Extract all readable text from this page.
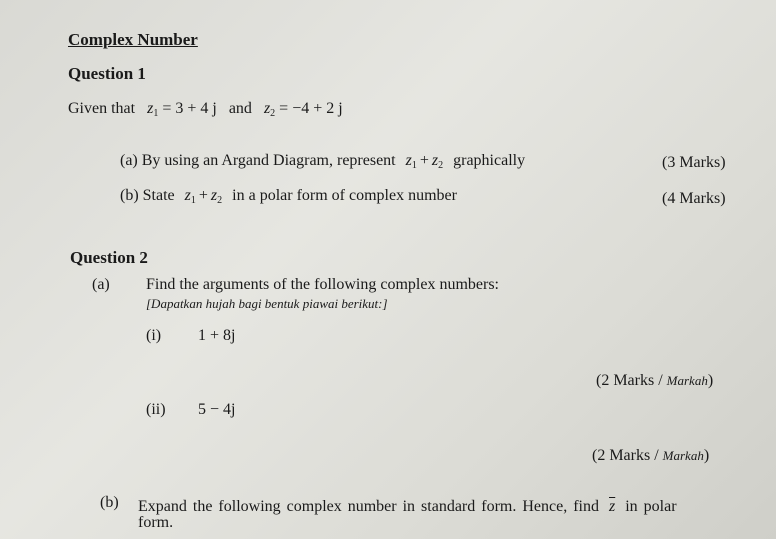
Complex Number
Question 1
Given that $z_1 = 3 + 4$ j and $z_2 = -4 + 2$ j
(a) By using an Argand Diagram, represent $z_1 + z_2$ graphically	(3 Marks)
(b) State $z_1 + z_2$ in a polar form of complex number	(4 Marks)
Question 2
(a) Find the arguments of the following complex numbers:
[Dapatkan hujah bagi bentuk piawai berikut:]
(i) 1 + 8j
(2 Marks / Markah)
(ii) 5 − 4j
(2 Marks / Markah)
(b) Expand the following complex number in standard form. Hence, find $\overline{z}$ in polar
form.
